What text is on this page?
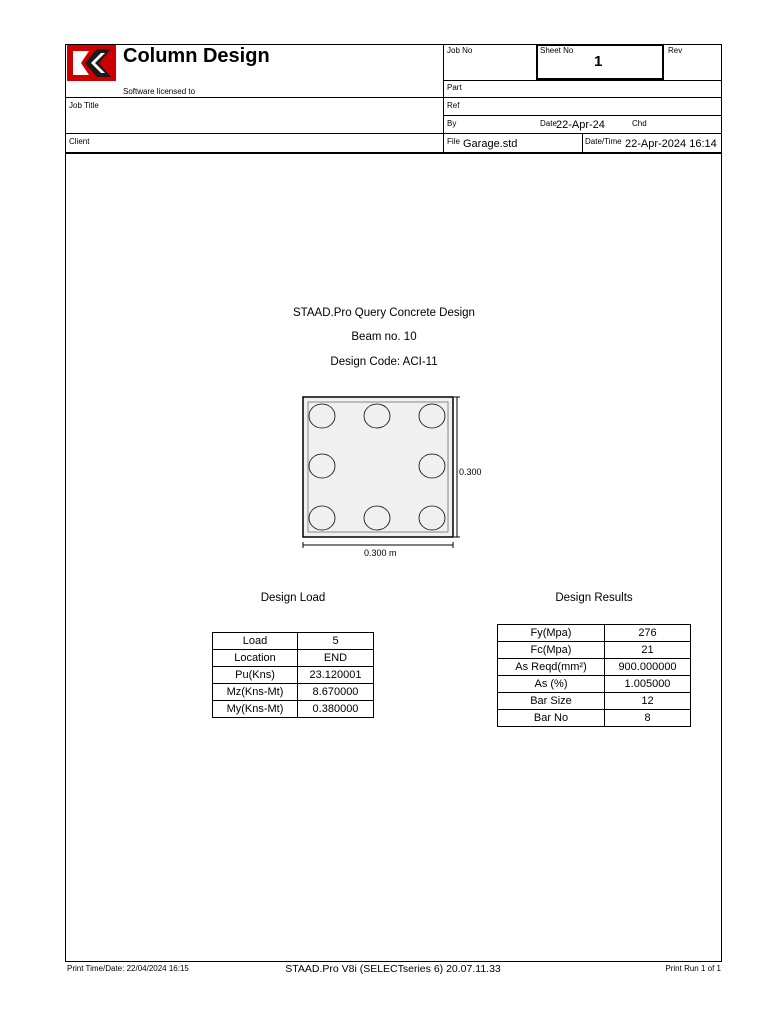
Column Design
Software licensed to
Job No	Sheet No
1
Rev
Part
Job Title	Ref
By	Date 22-Apr-24	Chd
Client	File Garage.std	Date/Time 22-Apr-2024 16:14
STAAD.Pro Query Concrete Design
Beam no. 10
Design Code: ACI-11
0.300
0.300 m
Design Load
Load	5
Location	END
Pu(Kns)	23.120001
Mz(Kns-Mt)	8.670000
My(Kns-Mt)	0.380000
Design Results
Fy(Mpa)	276
Fc(Mpa)	21
As Reqd(mm²)	900.000000
As (%)	1.005000
Bar Size	12
Bar No	8
Print Time/Date: 22/04/2024 16:15	STAAD.Pro V8i (SELECTseries 6) 20.07.11.33	Print Run 1 of 1
